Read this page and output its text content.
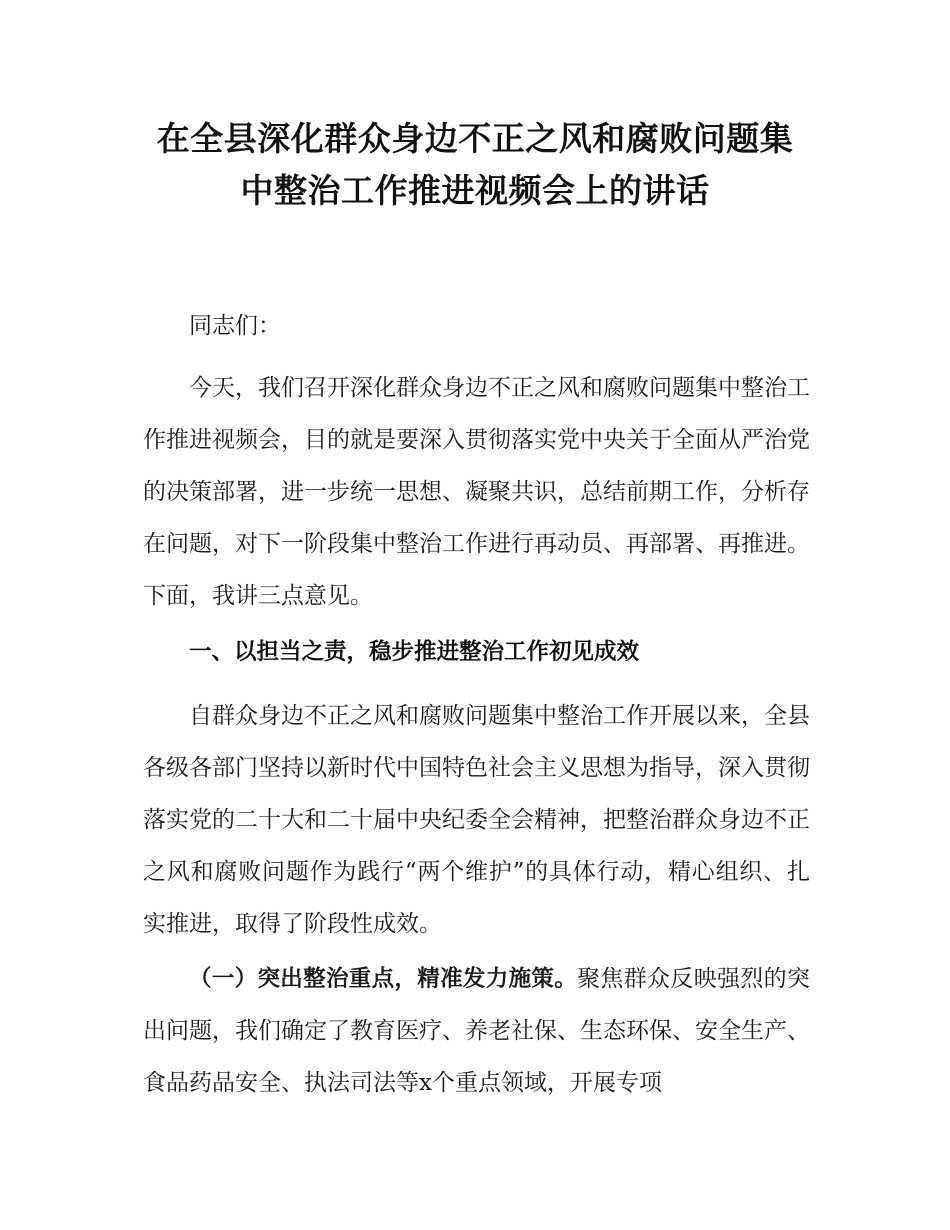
在全县深化群众身边不正之风和腐败问题集
中整治工作推进视频会上的讲话

同志们：

今天，我们召开深化群众身边不正之风和腐败问题集中整治工作推进视频会，目的就是要深入贯彻落实党中央关于全面从严治党的决策部署，进一步统一思想、凝聚共识，总结前期工作，分析存在问题，对下一阶段集中整治工作进行再动员、再部署、再推进。下面，我讲三点意见。

一、以担当之责，稳步推进整治工作初见成效

自群众身边不正之风和腐败问题集中整治工作开展以来，全县各级各部门坚持以新时代中国特色社会主义思想为指导，深入贯彻落实党的二十大和二十届中央纪委全会精神，把整治群众身边不正之风和腐败问题作为践行“两个维护”的具体行动，精心组织、扎实推进，取得了阶段性成效。

（一）突出整治重点，精准发力施策。聚焦群众反映强烈的突出问题，我们确定了教育医疗、养老社保、生态环保、安全生产、食品药品安全、执法司法等x个重点领域，开展专项
